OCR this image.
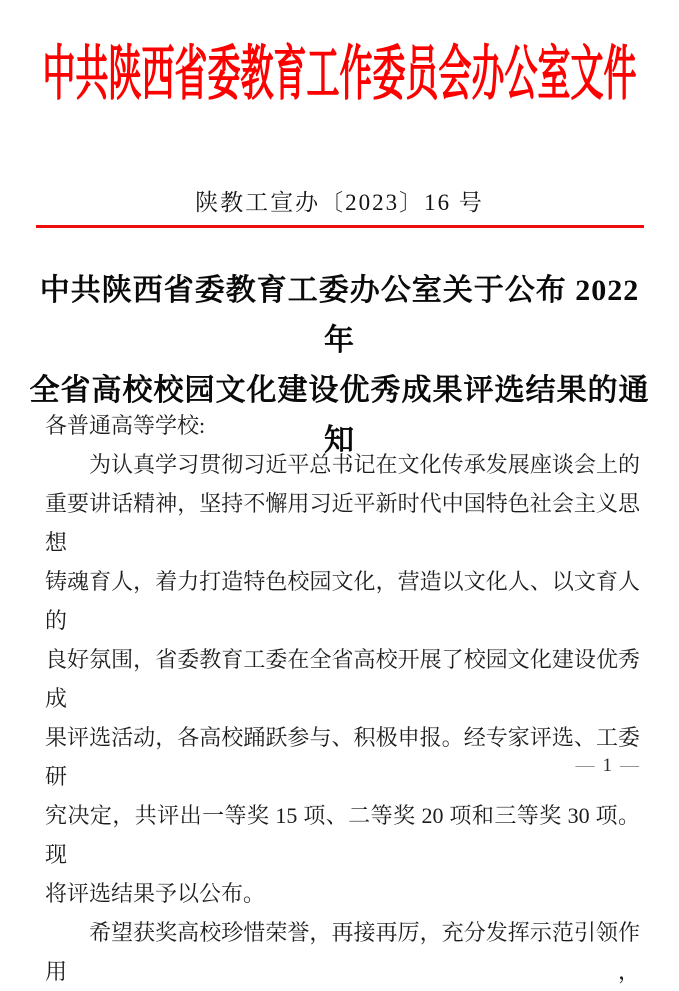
中共陕西省委教育工作委员会办公室文件
陕教工宣办〔2023〕16 号
中共陕西省委教育工委办公室关于公布 2022 年
全省高校校园文化建设优秀成果评选结果的通知
各普通高等学校:
为认真学习贯彻习近平总书记在文化传承发展座谈会上的
重要讲话精神，坚持不懈用习近平新时代中国特色社会主义思想
铸魂育人，着力打造特色校园文化，营造以文化人、以文育人的
良好氛围，省委教育工委在全省高校开展了校园文化建设优秀成
果评选活动，各高校踊跃参与、积极申报。经专家评选、工委研
究决定，共评出一等奖 15 项、二等奖 20 项和三等奖 30 项。现
将评选结果予以公布。
希望获奖高校珍惜荣誉，再接再厉，充分发挥示范引领作用，
— 1 —
